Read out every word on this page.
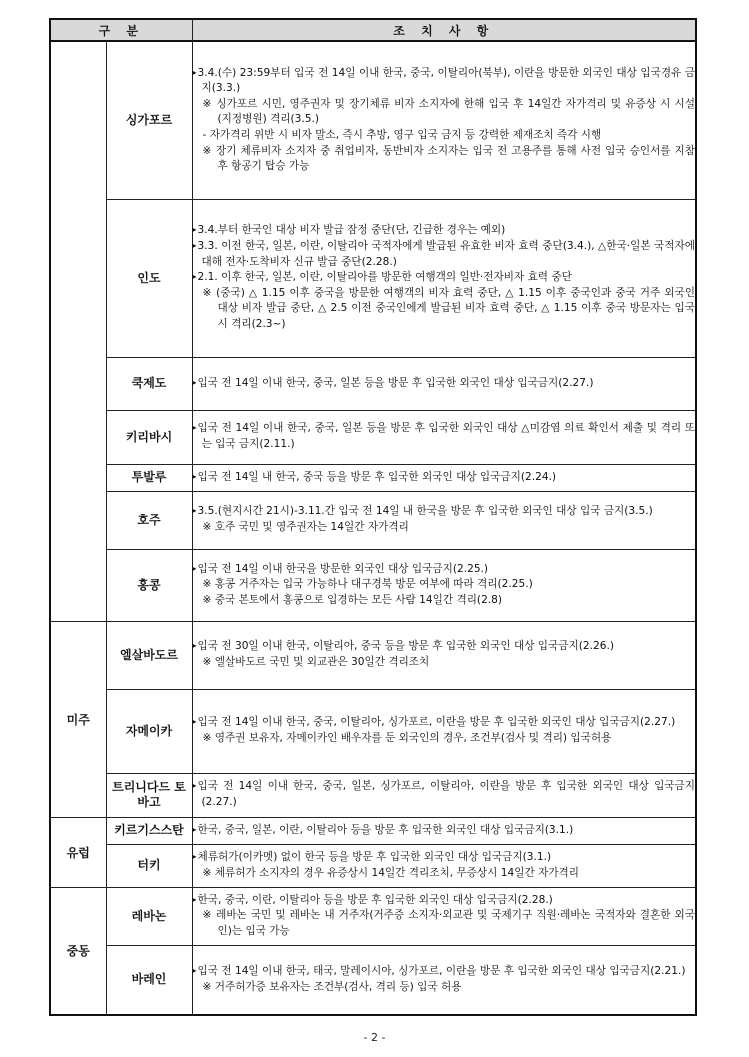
구 분		조 치 사 항
	싱가포르	▸ 3.4.(수) 23:59부터 입국 전 14일 이내 한국, 중국, 이탈리아(북부), 이란을 방문한 외국인 대상 입국경유 금지(3.3.)
※ 싱가포르 시민, 영주권자 및 장기체류 비자 소지자에 한해 입국 후 14일간 자가격리 및 유증상 시 시설(지정병원) 격리(3.5.)
- 자가격리 위반 시 비자 말소, 즉시 추방, 영구 입국 금지 등 강력한 제재조치 즉각 시행
※ 장기 체류비자 소지자 중 취업비자, 동반비자 소지자는 입국 전 고용주를 통해 사전 입국 승인서를 지참 후 항공기 탑승 가능

	인도	▸ 3.4.부터 한국인 대상 비자 발급 잠정 중단(단, 긴급한 경우는 예외)
▸ 3.3. 이전 한국, 일본, 이란, 이탈리아 국적자에게 발급된 유효한 비자 효력 중단(3.4.), △한국·일본 국적자에 대해 전자·도착비자 신규 발급 중단(2.28.)
▸ 2.1. 이후 한국, 일본, 이란, 이탈리아를 방문한 여행객의 일반·전자비자 효력 중단
※ (중국) △ 1.15 이후 중국을 방문한 여행객의 비자 효력 중단, △ 1.15 이후 중국인과 중국 거주 외국인 대상 비자 발급 중단, △ 2.5 이전 중국인에게 발급된 비자 효력 중단, △ 1.15 이후 중국 방문자는 입국시 격리(2.3~)

	쿡제도	▸ 입국 전 14일 이내 한국, 중국, 일본 등을 방문 후 입국한 외국인 대상 입국금지(2.27.)

	키리바시	▸ 입국 전 14일 이내 한국, 중국, 일본 등을 방문 후 입국한 외국인 대상 △미감염 의료 확인서 제출 및 격리 또는 입국 금지(2.11.)

	투발루	▸ 입국 전 14일 내 한국, 중국 등을 방문 후 입국한 외국인 대상 입국금지(2.24.)

	호주	▸ 3.5.(현지시간 21시)-3.11.간 입국 전 14일 내 한국을 방문 후 입국한 외국인 대상 입국 금지(3.5.)
※ 호주 국민 및 영주권자는 14일간 자가격리

	홍콩	▸ 입국 전 14일 이내 한국을 방문한 외국인 대상 입국금지(2.25.)
※ 홍콩 거주자는 입국 가능하나 대구경북 방문 여부에 따라 격리(2.25.)
※ 중국 본토에서 홍콩으로 입경하는 모든 사람 14일간 격리(2.8)

미주	엘살바도르	▸ 입국 전 30일 이내 한국, 이탈리아, 중국 등을 방문 후 입국한 외국인 대상 입국금지(2.26.)
※ 엘살바도르 국민 및 외교관은 30일간 격리조치

	자메이카	▸ 입국 전 14일 이내 한국, 중국, 이탈리아, 싱가포르, 이란을 방문 후 입국한 외국인 대상 입국금지(2.27.)
※ 영주권 보유자, 자메이카인 배우자를 둔 외국인의 경우, 조건부(검사 및 격리) 입국허용

	트리니다드 토바고	▸ 입국 전 14일 이내 한국, 중국, 일본, 싱가포르, 이탈리아, 이란을 방문 후 입국한 외국인 대상 입국금지(2.27.)

유럽	키르기스스탄	▸ 한국, 중국, 일본, 이란, 이탈리아 등을 방문 후 입국한 외국인 대상 입국금지(3.1.)

	터키	▸ 체류허가(이카멧) 없이 한국 등을 방문 후 입국한 외국인 대상 입국금지(3.1.)
※ 체류허가 소지자의 경우 유증상시 14일간 격리조치, 무증상시 14일간 자가격리

중동	레바논	▸ 한국, 중국, 이란, 이탈리아 등을 방문 후 입국한 외국인 대상 입국금지(2.28.)
※ 레바논 국민 및 레바논 내 거주자(거주증 소지자·외교관 및 국제기구 직원·레바논 국적자와 결혼한 외국인)는 입국 가능

	바레인	▸ 입국 전 14일 이내 한국, 태국, 말레이시아, 싱가포르, 이란을 방문 후 입국한 외국인 대상 입국금지(2.21.)
※ 거주허가증 보유자는 조건부(검사, 격리 등) 입국 허용
- 2 -
